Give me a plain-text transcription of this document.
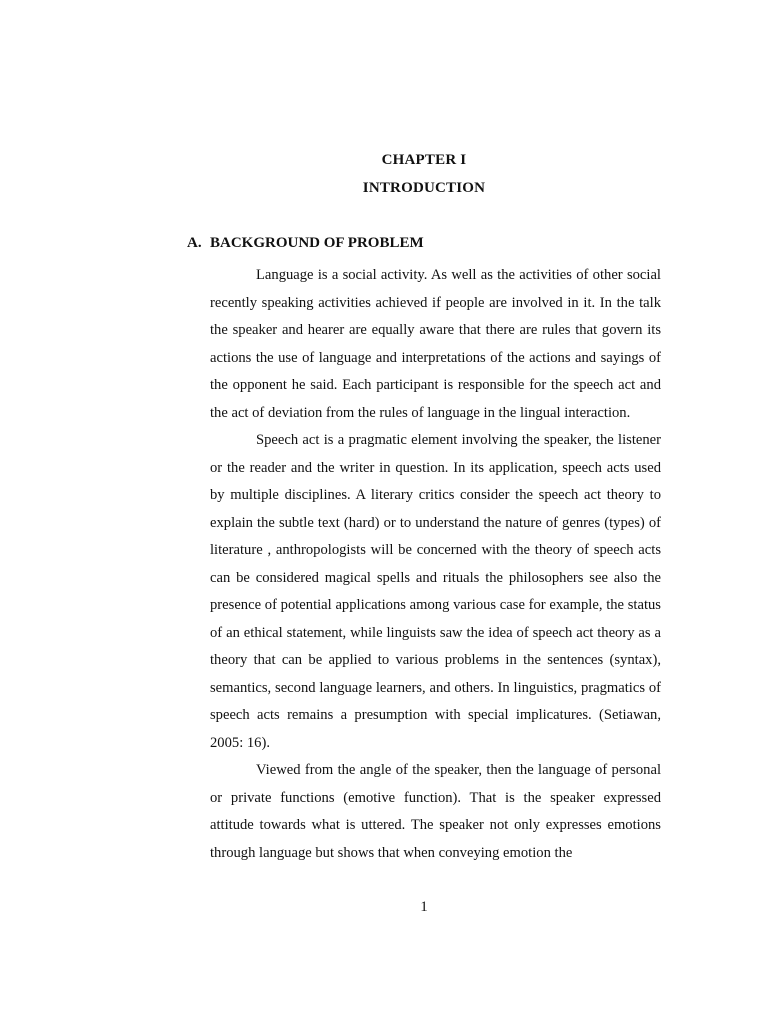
CHAPTER I
INTRODUCTION
A. BACKGROUND OF PROBLEM

Language is a social activity. As well as the activities of other social recently speaking activities achieved if people are involved in it. In the talk the speaker and hearer are equally aware that there are rules that govern its actions the use of language and interpretations of the actions and sayings of the opponent he said. Each participant is responsible for the speech act and the act of deviation from the rules of language in the lingual interaction.

Speech act is a pragmatic element involving the speaker, the listener or the reader and the writer in question. In its application, speech acts used by multiple disciplines. A literary critics consider the speech act theory to explain the subtle text (hard) or to understand the nature of genres (types) of literature , anthropologists will be concerned with the theory of speech acts can be considered magical spells and rituals the philosophers see also the presence of potential applications among various case for example, the status of an ethical statement, while linguists saw the idea of speech act theory as a theory that can be applied to various problems in the sentences (syntax), semantics, second language learners, and others. In linguistics, pragmatics of speech acts remains a presumption with special implicatures. (Setiawan, 2005: 16).

Viewed from the angle of the speaker, then the language of personal or private functions (emotive function). That is the speaker expressed attitude towards what is uttered. The speaker not only expresses emotions through language but shows that when conveying emotion the

1
